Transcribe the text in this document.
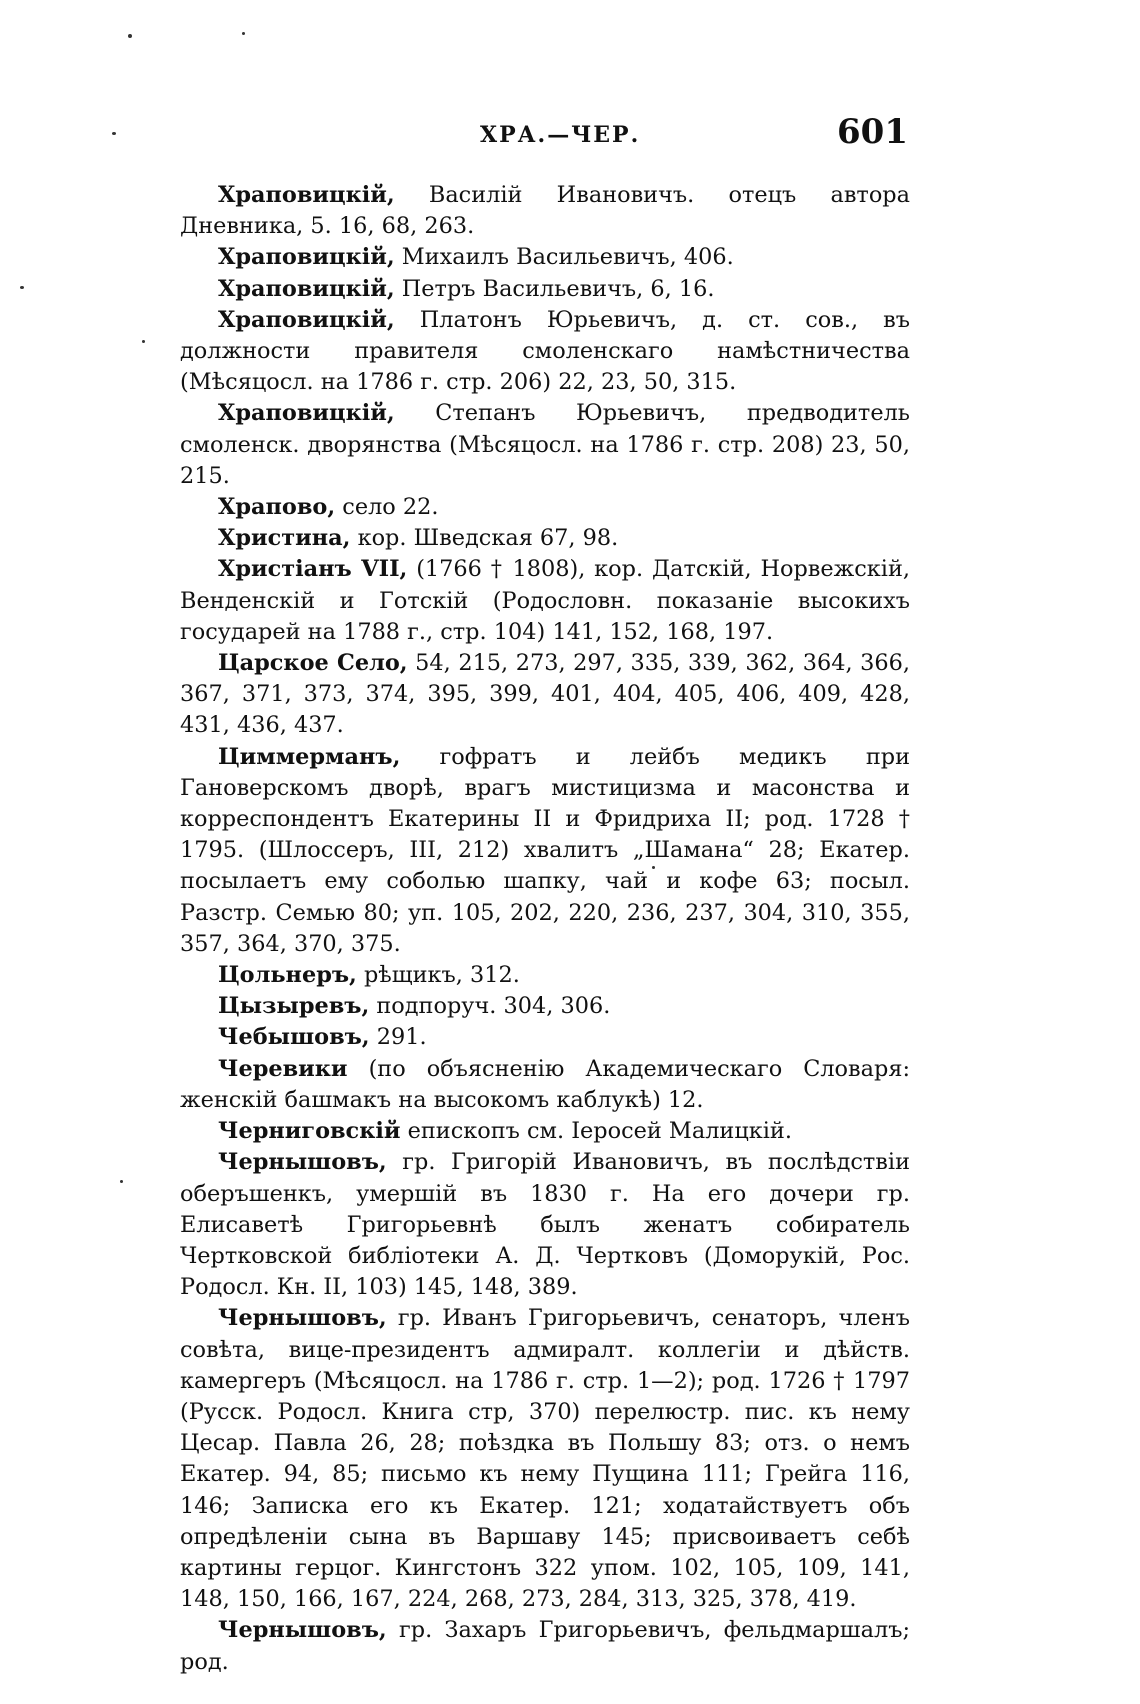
ХРА.—ЧЕР.	601

Храповицкій, Василій Ивановичъ. отецъ автора Дневника, 5. 16, 68, 263.

Храповицкій, Михаилъ Васильевичъ, 406.

Храповицкій, Петръ Васильевичъ, 6, 16.

Храповицкій, Платонъ Юрьевичъ, д. ст. сов., въ должности правителя смоленскаго намѣстничества (Мѣсяцосл. на 1786 г. стр. 206) 22, 23, 50, 315.

Храповицкій, Степанъ Юрьевичъ, предводитель смоленск. дворянства (Мѣсяцосл. на 1786 г. стр. 208) 23, 50, 215.

Храпово, село 22.

Христина, кор. Шведская 67, 98.

Христіанъ VII, (1766 † 1808), кор. Датскій, Норвежскій, Венденскій и Готскій (Родословн. показаніе высокихъ государей на 1788 г., стр. 104) 141, 152, 168, 197.

Царское Село, 54, 215, 273, 297, 335, 339, 362, 364, 366, 367, 371, 373, 374, 395, 399, 401, 404, 405, 406, 409, 428, 431, 436, 437.

Циммерманъ, гофратъ и лейбъ медикъ при Гановерскомъ дворѣ, врагъ мистицизма и масонства и корреспондентъ Екатерины II и Фридриха II; род. 1728 † 1795. (Шлоссеръ, III, 212) хвалитъ „Шамана“ 28; Екатер. посылаетъ ему соболью шапку, чай и кофе 63; посыл. Разстр. Семью 80; уп. 105, 202, 220, 236, 237, 304, 310, 355, 357, 364, 370, 375.

Цольнеръ, рѣщикъ, 312.

Цызыревъ, подпоруч. 304, 306.

Чебышовъ, 291.

Черевики (по объясненію Академическаго Словаря: женскій башмакъ на высокомъ каблукѣ) 12.

Черниговскій епископъ см. Іеросей Малицкій.

Чернышовъ, гр. Григорій Ивановичъ, въ послѣдствіи оберъшенкъ, умершій въ 1830 г. На его дочери гр. Елисаветѣ Григорьевнѣ былъ женатъ собиратель Чертковской библіотеки А. Д. Чертковъ (Доморукій, Рос. Родосл. Кн. II, 103) 145, 148, 389.

Чернышовъ, гр. Иванъ Григорьевичъ, сенаторъ, членъ совѣта, вице-президентъ адмиралт. коллегіи и дѣйств. камергеръ (Мѣсяцосл. на 1786 г. стр. 1—2); род. 1726 † 1797 (Русск. Родосл. Книга стр, 370) перелюстр. пис. къ нему Цесар. Павла 26, 28; поѣздка въ Польшу 83; отз. о немъ Екатер. 94, 85; письмо къ нему Пущина 111; Грейга 116, 146; Записка его къ Екатер. 121; ходатайствуетъ объ опредѣленіи сына въ Варшаву 145; присвоиваетъ себѣ картины герцог. Кингстонъ 322 упом. 102, 105, 109, 141, 148, 150, 166, 167, 224, 268, 273, 284, 313, 325, 378, 419.

Чернышовъ, гр. Захаръ Григорьевичъ, фельдмаршалъ; род.
